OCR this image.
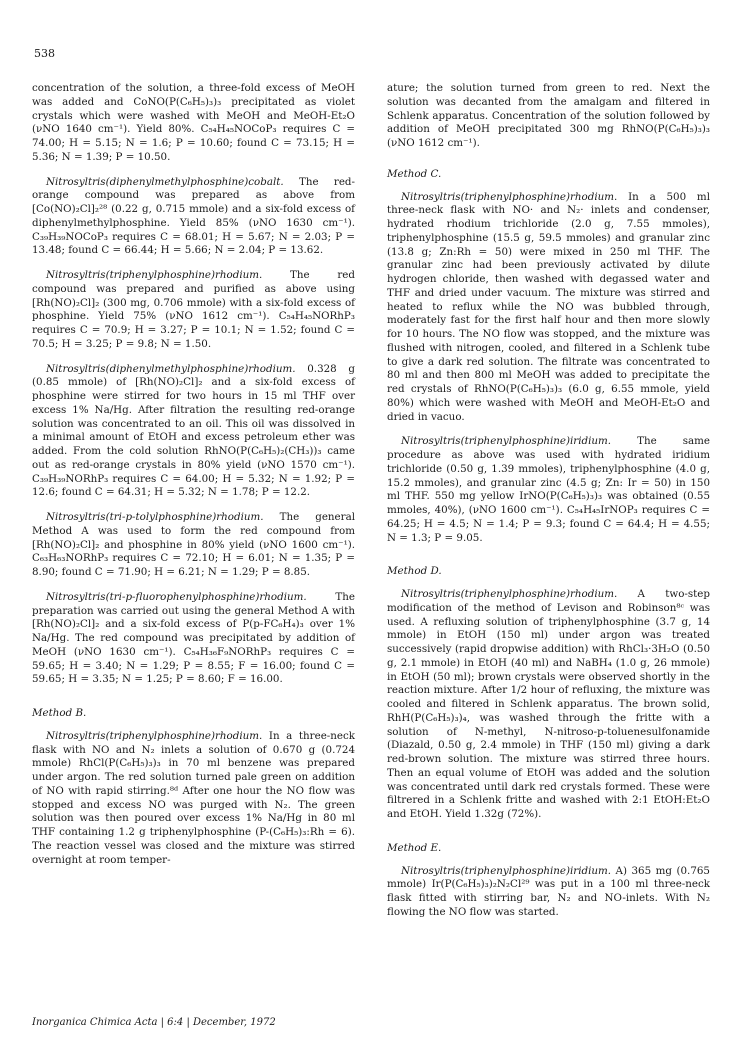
538

concentration of the solution, a three-fold excess of MeOH was added and CoNO(P(C₆H₅)₃)₃ precipitated as violet crystals which were washed with MeOH and MeOH-Et₂O (νNO 1640 cm⁻¹). Yield 80%. C₅₄H₄₅NOCoP₃ requires C = 74.00; H = 5.15; N = 1.6; P = 10.60; found C = 73.15; H = 5.36; N = 1.39; P = 10.50.

Nitrosyltris(diphenylmethylphosphine)cobalt. The red-orange compound was prepared as above from [Co(NO)₂Cl]₂²⁸ (0.22 g, 0.715 mmole) and a six-fold excess of diphenylmethylphosphine. Yield 85% (νNO 1630 cm⁻¹). C₃₉H₃₉NOCoP₃ requires C = 68.01; H = 5.67; N = 2.03; P = 13.48; found C = 66.44; H = 5.66; N = 2.04; P = 13.62.

Nitrosyltris(triphenylphosphine)rhodium. The red compound was prepared and purified as above using [Rh(NO)₂Cl]₂ (300 mg, 0.706 mmole) with a six-fold excess of phosphine. Yield 75% (νNO 1612 cm⁻¹). C₅₄H₄₅NORhP₃ requires C = 70.9; H = 3.27; P = 10.1; N = 1.52; found C = 70.5; H = 3.25; P = 9.8; N = 1.50.

Nitrosyltris(diphenylmethylphosphine)rhodium. 0.328 g (0.85 mmole) of [Rh(NO)₂Cl]₂ and a six-fold excess of phosphine were stirred for two hours in 15 ml THF over excess 1% Na/Hg. After filtration the resulting red-orange solution was concentrated to an oil. This oil was dissolved in a minimal amount of EtOH and excess petroleum ether was added. From the cold solution RhNO(P(C₆H₅)₂(CH₃))₃ came out as red-orange crystals in 80% yield (νNO 1570 cm⁻¹). C₃₉H₃₉NORhP₃ requires C = 64.00; H = 5.32; N = 1.92; P = 12.6; found C = 64.31; H = 5.32; N = 1.78; P = 12.2.

Nitrosyltris(tri-p-tolylphosphine)rhodium. The general Method A was used to form the red compound from [Rh(NO)₂Cl]₂ and phosphine in 80% yield (νNO 1600 cm⁻¹). C₆₃H₆₃NORhP₃ requires C = 72.10; H = 6.01; N = 1.35; P = 8.90; found C = 71.90; H = 6.21; N = 1.29; P = 8.85.

Nitrosyltris(tri-p-fluorophenylphosphine)rhodium. The preparation was carried out using the general Method A with [Rh(NO)₂Cl]₂ and a six-fold excess of P(p-FC₆H₄)₃ over 1% Na/Hg. The red compound was precipitated by addition of MeOH (νNO 1630 cm⁻¹). C₅₄H₃₆F₉NORhP₃ requires C = 59.65; H = 3.40; N = 1.29; P = 8.55; F = 16.00; found C = 59.65; H = 3.35; N = 1.25; P = 8.60; F = 16.00.

Method B.

Nitrosyltris(triphenylphosphine)rhodium. In a three-neck flask with NO and N₂ inlets a solution of 0.670 g (0.724 mmole) RhCl(P(C₆H₅)₃)₃ in 70 ml benzene was prepared under argon. The red solution turned pale green on addition of NO with rapid stirring.⁸ᵈ After one hour the NO flow was stopped and excess NO was purged with N₂. The green solution was then poured over excess 1% Na/Hg in 80 ml THF containing 1.2 g triphenylphosphine (P-(C₆H₅)₃:Rh = 6). The reaction vessel was closed and the mixture was stirred overnight at room temper-

ature; the solution turned from green to red. Next the solution was decanted from the amalgam and filtered in Schlenk apparatus. Concentration of the solution followed by addition of MeOH precipitated 300 mg RhNO(P(C₆H₅)₃)₃ (νNO 1612 cm⁻¹).

Method C.

Nitrosyltris(triphenylphosphine)rhodium. In a 500 ml three-neck flask with NO· and N₂· inlets and condenser, hydrated rhodium trichloride (2.0 g, 7.55 mmoles), triphenylphosphine (15.5 g, 59.5 mmoles) and granular zinc (13.8 g; Zn:Rh = 50) were mixed in 250 ml THF. The granular zinc had been previously activated by dilute hydrogen chloride, then washed with degassed water and THF and dried under vacuum. The mixture was stirred and heated to reflux while the NO was bubbled through, moderately fast for the first half hour and then more slowly for 10 hours. The NO flow was stopped, and the mixture was flushed with nitrogen, cooled, and filtered in a Schlenk tube to give a dark red solution. The filtrate was concentrated to 80 ml and then 800 ml MeOH was added to precipitate the red crystals of RhNO(P(C₆H₅)₃)₃ (6.0 g, 6.55 mmole, yield 80%) which were washed with MeOH and MeOH-Et₂O and dried in vacuo.

Nitrosyltris(triphenylphosphine)iridium. The same procedure as above was used with hydrated iridium trichloride (0.50 g, 1.39 mmoles), triphenylphosphine (4.0 g, 15.2 mmoles), and granular zinc (4.5 g; Zn: Ir = 50) in 150 ml THF. 550 mg yellow IrNO(P(C₆H₅)₃)₃ was obtained (0.55 mmoles, 40%), (νNO 1600 cm⁻¹). C₅₄H₄₅IrNOP₃ requires C = 64.25; H = 4.5; N = 1.4; P = 9.3; found C = 64.4; H = 4.55; N = 1.3; P = 9.05.

Method D.

Nitrosyltris(triphenylphosphine)rhodium. A two-step modification of the method of Levison and Robinson⁸ᶜ was used. A refluxing solution of triphenylphosphine (3.7 g, 14 mmole) in EtOH (150 ml) under argon was treated successively (rapid dropwise addition) with RhCl₃·3H₂O (0.50 g, 2.1 mmole) in EtOH (40 ml) and NaBH₄ (1.0 g, 26 mmole) in EtOH (50 ml); brown crystals were observed shortly in the reaction mixture. After 1/2 hour of refluxing, the mixture was cooled and filtered in Schlenk apparatus. The brown solid, RhH(P(C₆H₅)₃)₄, was washed through the fritte with a solution of N-methyl, N-nitroso-p-toluenesulfonamide (Diazald, 0.50 g, 2.4 mmole) in THF (150 ml) giving a dark red-brown solution. The mixture was stirred three hours. Then an equal volume of EtOH was added and the solution was concentrated until dark red crystals formed. These were filtrered in a Schlenk fritte and washed with 2:1 EtOH:Et₂O and EtOH. Yield 1.32g (72%).

Method E.

Nitrosyltris(triphenylphosphine)iridium. A) 365 mg (0.765 mmole) Ir(P(C₆H₅)₃)₂N₂Cl²⁹ was put in a 100 ml three-neck flask fitted with stirring bar, N₂ and NO-inlets. With N₂ flowing the NO flow was started.

Inorganica Chimica Acta | 6:4 | December, 1972
